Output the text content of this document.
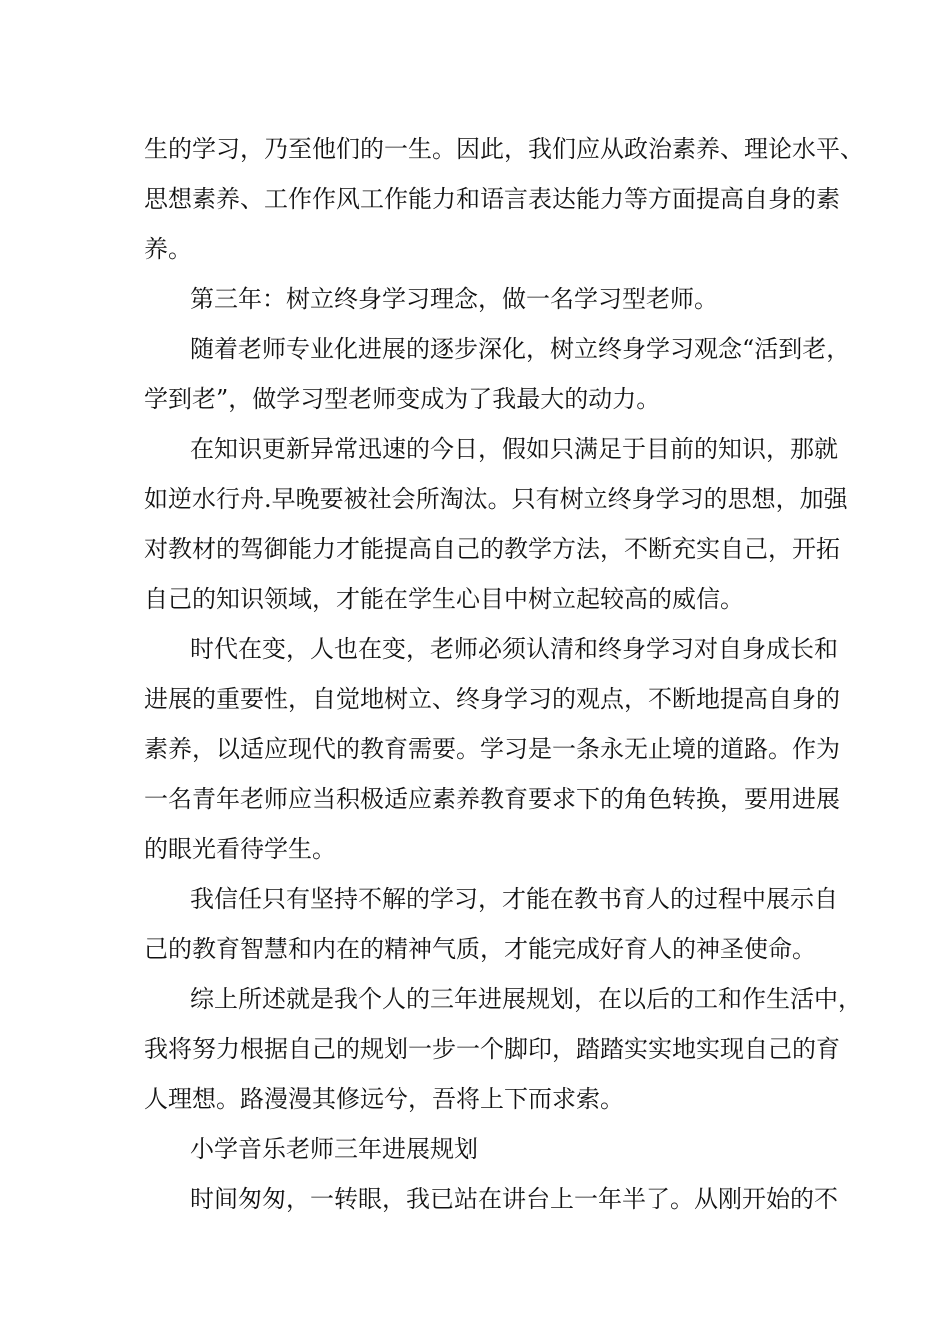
生的学习，乃至他们的一生。因此，我们应从政治素养、理论水平、
思想素养、工作作风工作能力和语言表达能力等方面提高自身的素
养。
第三年：树立终身学习理念，做一名学习型老师。
随着老师专业化进展的逐步深化，树立终身学习观念“活到老，
学到老”，做学习型老师变成为了我最大的动力。
在知识更新异常迅速的今日，假如只满足于目前的知识，那就
如逆水行舟.早晚要被社会所淘汰。只有树立终身学习的思想，加强
对教材的驾御能力才能提高自己的教学方法，不断充实自己，开拓
自己的知识领域，才能在学生心目中树立起较高的威信。
时代在变，人也在变，老师必须认清和终身学习对自身成长和
进展的重要性，自觉地树立、终身学习的观点，不断地提高自身的
素养，以适应现代的教育需要。学习是一条永无止境的道路。作为
一名青年老师应当积极适应素养教育要求下的角色转换，要用进展
的眼光看待学生。
我信任只有坚持不解的学习，才能在教书育人的过程中展示自
己的教育智慧和内在的精神气质，才能完成好育人的神圣使命。
综上所述就是我个人的三年进展规划，在以后的工和作生活中，
我将努力根据自己的规划一步一个脚印，踏踏实实地实现自己的育
人理想。路漫漫其修远兮，吾将上下而求索。
小学音乐老师三年进展规划
时间匆匆，一转眼，我已站在讲台上一年半了。从刚开始的不
